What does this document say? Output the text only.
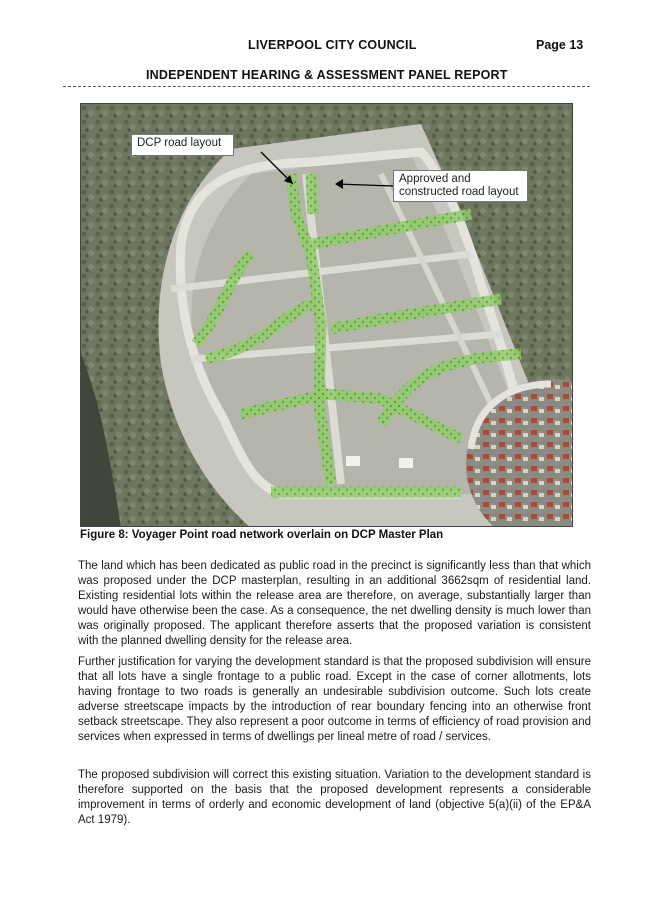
LIVERPOOL CITY COUNCIL	Page 13
INDEPENDENT HEARING & ASSESSMENT PANEL REPORT
DCP road layout
Approved and constructed road layout
Figure 8: Voyager Point road network overlain on DCP Master Plan

The land which has been dedicated as public road in the precinct is significantly less than that which was proposed under the DCP masterplan, resulting in an additional 3662sqm of residential land. Existing residential lots within the release area are therefore, on average, substantially larger than would have otherwise been the case. As a consequence, the net dwelling density is much lower than was originally proposed. The applicant therefore asserts that the proposed variation is consistent with the planned dwelling density for the release area.

Further justification for varying the development standard is that the proposed subdivision will ensure that all lots have a single frontage to a public road. Except in the case of corner allotments, lots having frontage to two roads is generally an undesirable subdivision outcome. Such lots create adverse streetscape impacts by the introduction of rear boundary fencing into an otherwise front setback streetscape. They also represent a poor outcome in terms of efficiency of road provision and services when expressed in terms of dwellings per lineal metre of road / services.

The proposed subdivision will correct this existing situation. Variation to the development standard is therefore supported on the basis that the proposed development represents a considerable improvement in terms of orderly and economic development of land (objective 5(a)(ii) of the EP&A Act 1979).
